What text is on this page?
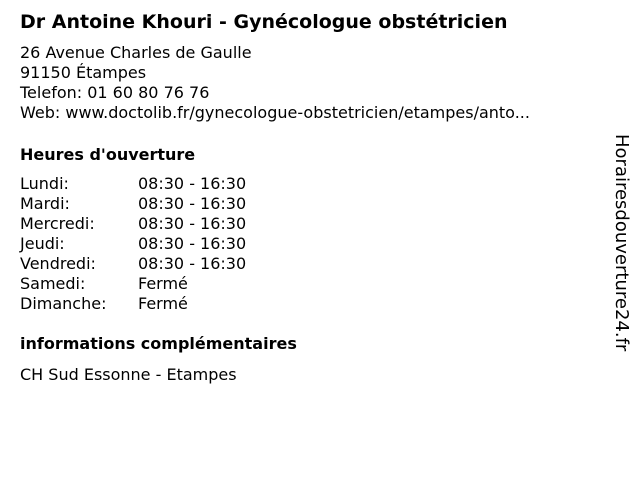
Dr Antoine Khouri - Gynécologue obstétricien
26 Avenue Charles de Gaulle
91150 Étampes
Telefon: 01 60 80 76 76
Web: www.doctolib.fr/gynecologue-obstetricien/etampes/anto...
Heures d'ouverture
Lundi:	08:30 - 16:30
Mardi:	08:30 - 16:30
Mercredi:	08:30 - 16:30
Jeudi:	08:30 - 16:30
Vendredi:	08:30 - 16:30
Samedi:	Fermé
Dimanche:	Fermé
informations complémentaires
CH Sud Essonne - Etampes
Horairesdouverture24.fr
